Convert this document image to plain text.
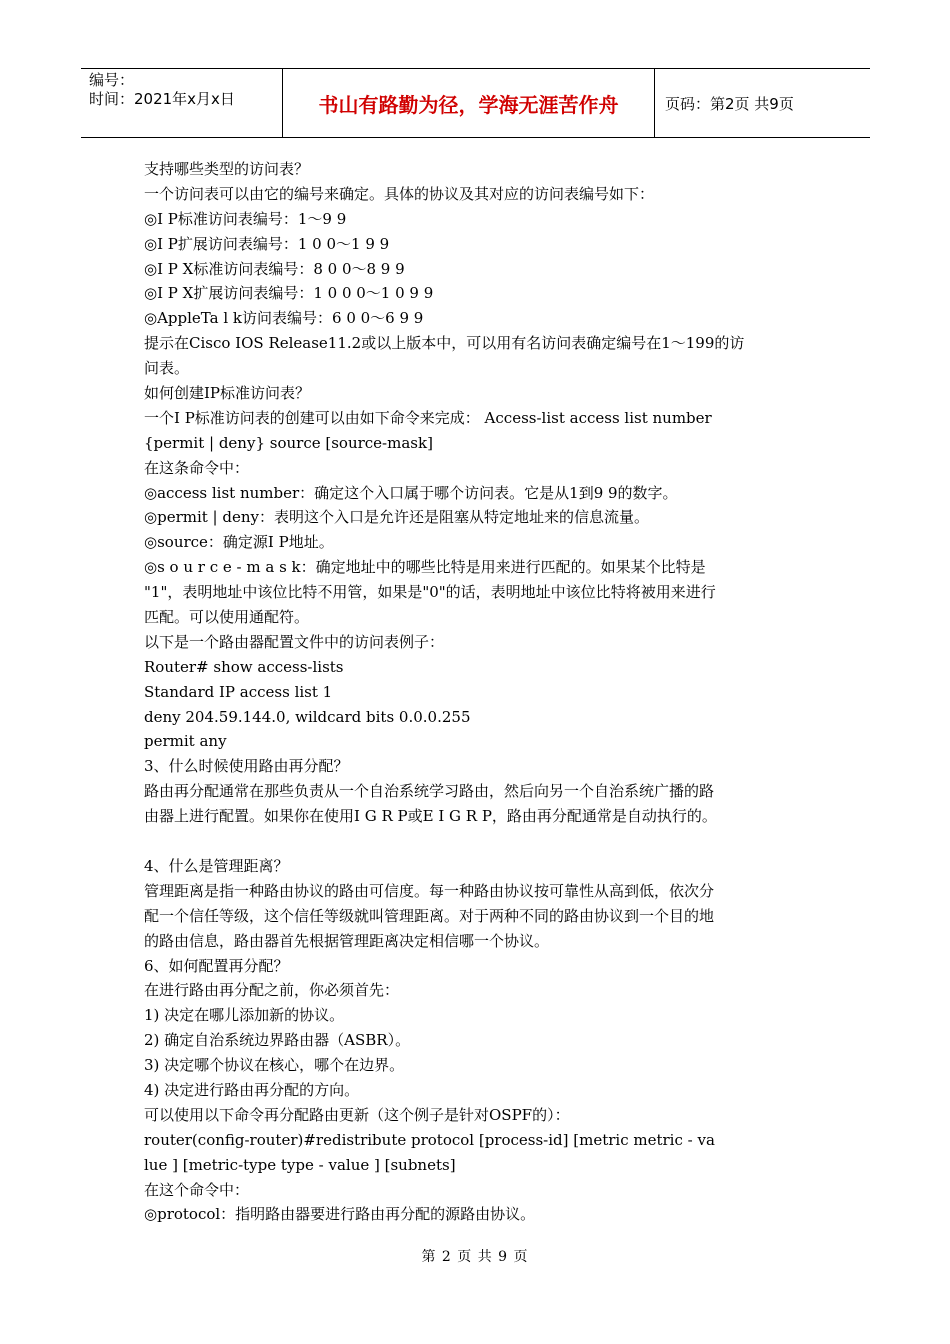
编号：
时间：2021年x月x日	书山有路勤为径，学海无涯苦作舟	页码：第2页 共9页
支持哪些类型的访问表？
一个访问表可以由它的编号来确定。具体的协议及其对应的访问表编号如下：
◎I P标准访问表编号：1～9 9
◎I P扩展访问表编号：1 0 0～1 9 9
◎I P X标准访问表编号：8 0 0～8 9 9
◎I P X扩展访问表编号：1 0 0 0～1 0 9 9
◎AppleTa l k访问表编号：6 0 0～6 9 9
提示在Cisco IOS Release11.2或以上版本中，可以用有名访问表确定编号在1～199的访
问表。
如何创建IP标准访问表？
一个I P标准访问表的创建可以由如下命令来完成： Access-list access list number
{permit | deny} source [source-mask]
在这条命令中：
◎access list number：确定这个入口属于哪个访问表。它是从1到9 9的数字。
◎permit | deny：表明这个入口是允许还是阻塞从特定地址来的信息流量。
◎source：确定源I P地址。
◎s o u r c e - m a s k：确定地址中的哪些比特是用来进行匹配的。如果某个比特是
"1"，表明地址中该位比特不用管，如果是"0"的话，表明地址中该位比特将被用来进行
匹配。可以使用通配符。
以下是一个路由器配置文件中的访问表例子：
Router# show access-lists
Standard IP access list 1
deny 204.59.144.0, wildcard bits 0.0.0.255
permit any
3、什么时候使用路由再分配？
路由再分配通常在那些负责从一个自治系统学习路由，然后向另一个自治系统广播的路
由器上进行配置。如果你在使用I G R P或E I G R P，路由再分配通常是自动执行的。
4、什么是管理距离？
管理距离是指一种路由协议的路由可信度。每一种路由协议按可靠性从高到低，依次分
配一个信任等级，这个信任等级就叫管理距离。对于两种不同的路由协议到一个目的地
的路由信息，路由器首先根据管理距离决定相信哪一个协议。
6、如何配置再分配？
在进行路由再分配之前，你必须首先：
1) 决定在哪儿添加新的协议。
2) 确定自治系统边界路由器（ASBR）。
3) 决定哪个协议在核心，哪个在边界。
4) 决定进行路由再分配的方向。
可以使用以下命令再分配路由更新（这个例子是针对OSPF的）：
router(config-router)#redistribute protocol [process-id] [metric metric - va
lue ] [metric-type type - value ] [subnets]
在这个命令中：
◎protocol：指明路由器要进行路由再分配的源路由协议。
第 2 页 共 9 页
